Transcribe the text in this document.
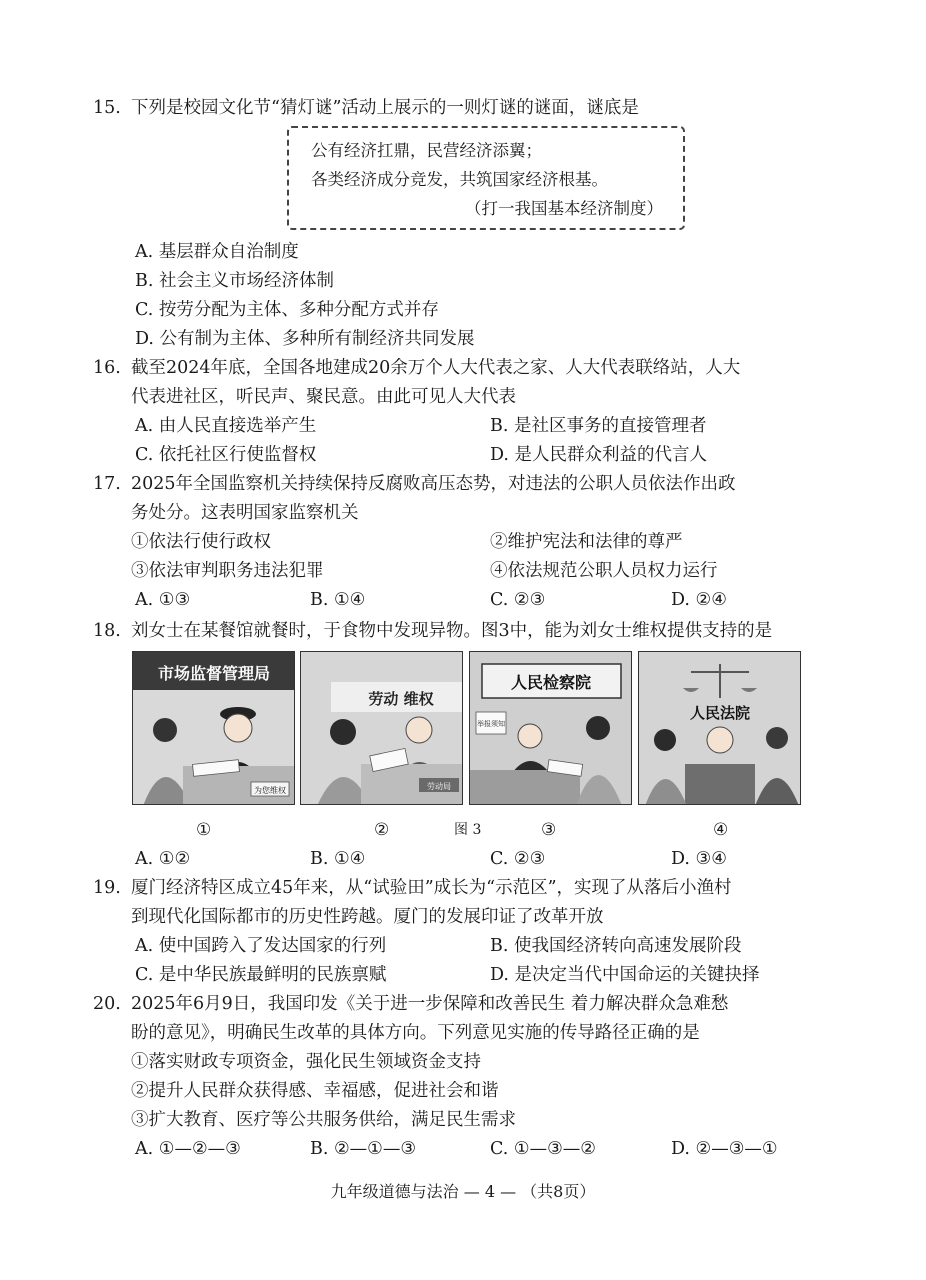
15. 下列是校园文化节“猜灯谜”活动上展示的一则灯谜的谜面，谜底是
公有经济扛鼎，民营经济添翼；
各类经济成分竞发，共筑国家经济根基。
（打一我国基本经济制度）
A. 基层群众自治制度
B. 社会主义市场经济体制
C. 按劳分配为主体、多种分配方式并存
D. 公有制为主体、多种所有制经济共同发展
16. 截至2024年底，全国各地建成20余万个人大代表之家、人大代表联络站，人大
代表进社区，听民声、聚民意。由此可见人大代表
A. 由人民直接选举产生	B. 是社区事务的直接管理者
C. 依托社区行使监督权	D. 是人民群众利益的代言人
17. 2025年全国监察机关持续保持反腐败高压态势，对违法的公职人员依法作出政
务处分。这表明国家监察机关
①依法行使行政权	②维护宪法和法律的尊严
③依法审判职务违法犯罪	④依法规范公职人员权力运行
A. ①③	B. ①④	C. ②③	D. ②④
18. 刘女士在某餐馆就餐时，于食物中发现异物。图3中，能为刘女士维权提供支持的是
市场监督管理局
为您维权
劳动 维权
劳动局
人民检察院
举报须知
人民法院
①	②	图 3	③	④
A. ①②	B. ①④	C. ②③	D. ③④
19. 厦门经济特区成立45年来，从“试验田”成长为“示范区”，实现了从落后小渔村
到现代化国际都市的历史性跨越。厦门的发展印证了改革开放
A. 使中国跨入了发达国家的行列	B. 使我国经济转向高速发展阶段
C. 是中华民族最鲜明的民族禀赋	D. 是决定当代中国命运的关键抉择
20. 2025年6月9日，我国印发《关于进一步保障和改善民生 着力解决群众急难愁
盼的意见》，明确民生改革的具体方向。下列意见实施的传导路径正确的是
①落实财政专项资金，强化民生领域资金支持
②提升人民群众获得感、幸福感，促进社会和谐
③扩大教育、医疗等公共服务供给，满足民生需求
A. ①—②—③	B. ②—①—③	C. ①—③—②	D. ②—③—①
九年级道德与法治 — 4 — （共8页）
